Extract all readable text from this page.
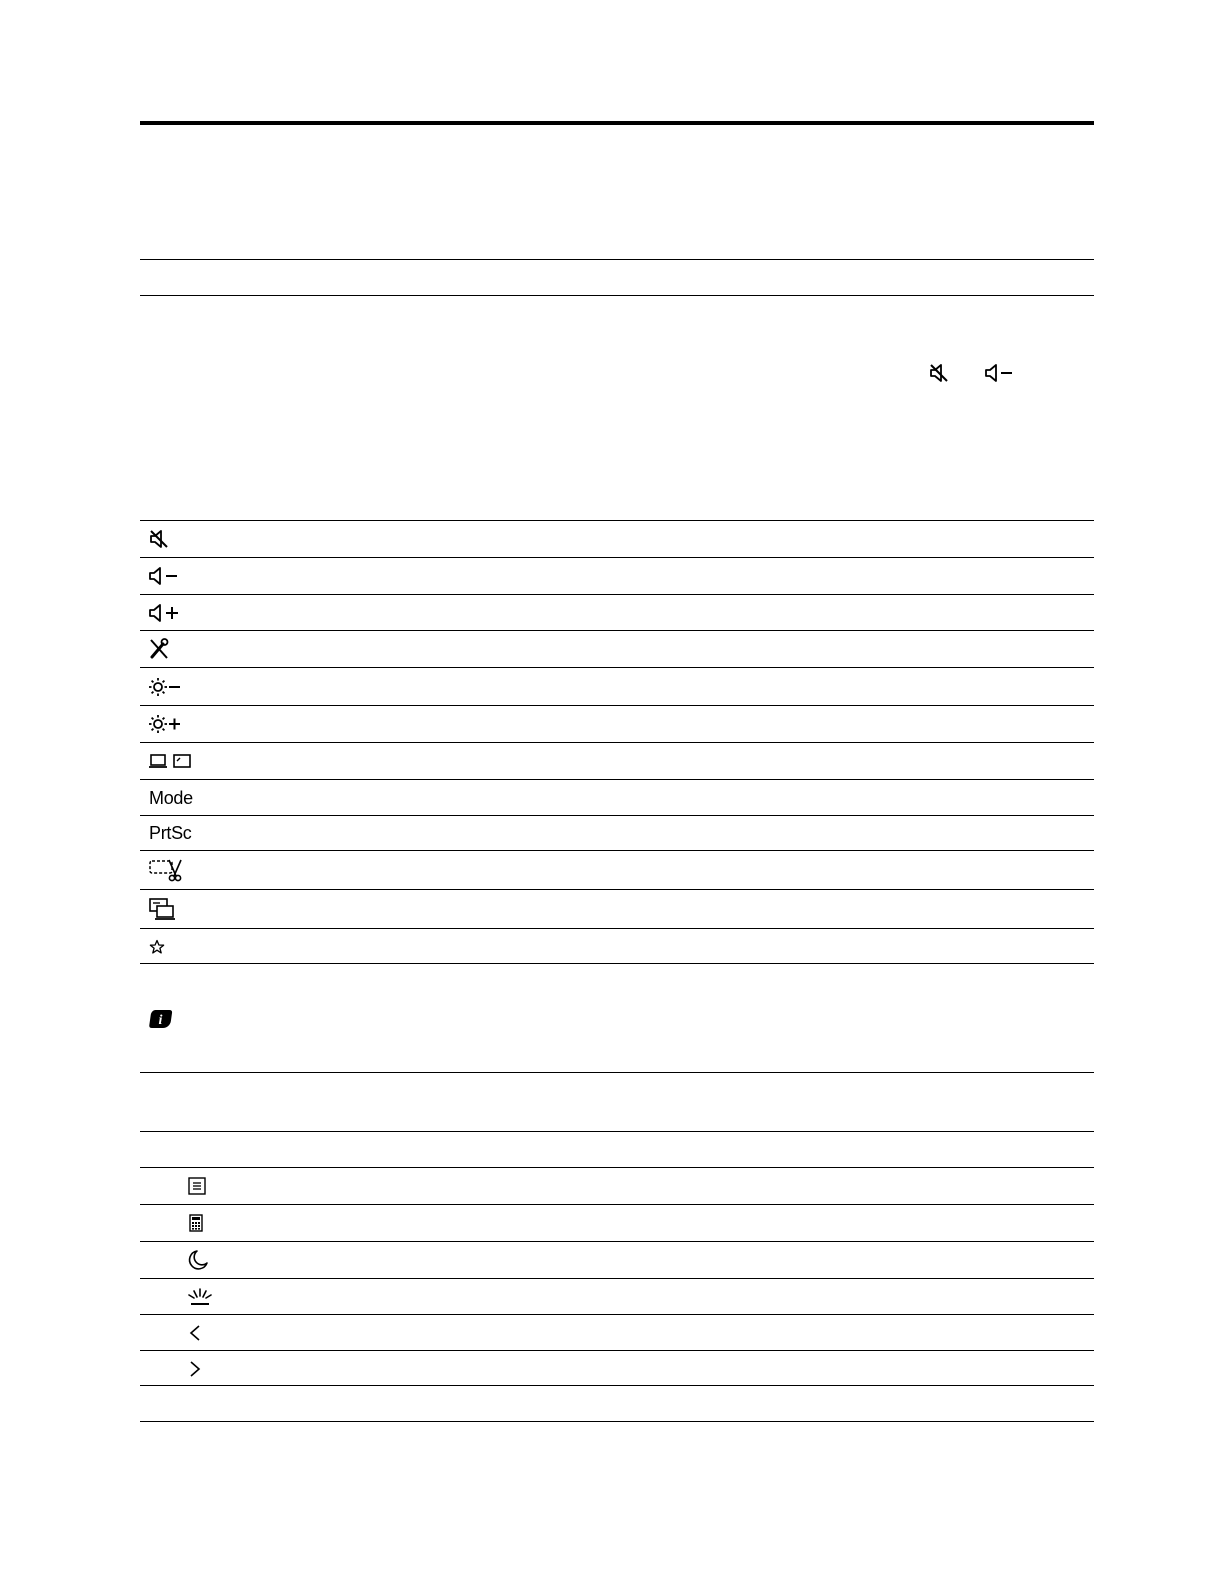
Mode
PrtSc
i
